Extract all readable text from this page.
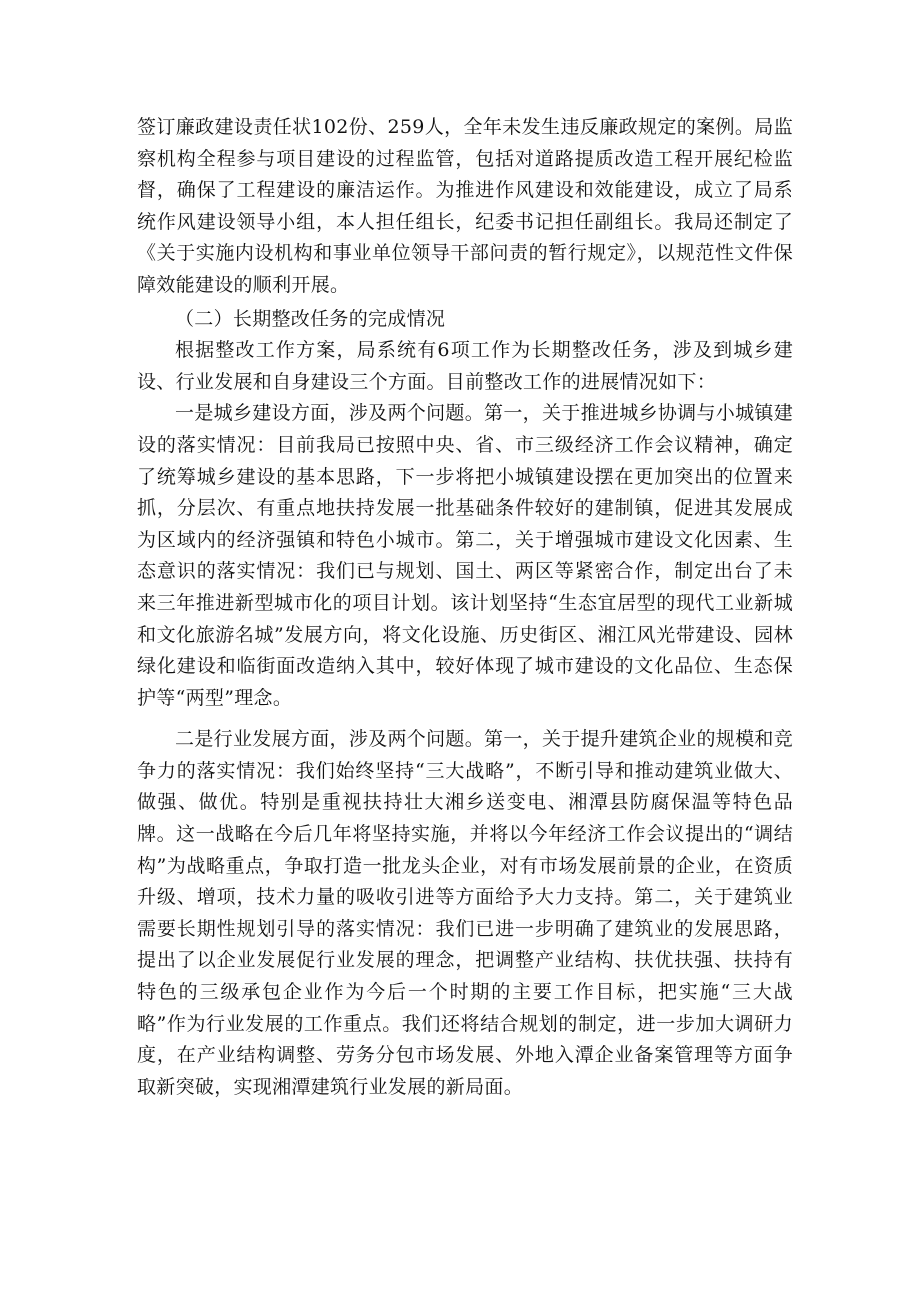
签订廉政建设责任状102份、259人，全年未发生违反廉政规定的案例。局监察机构全程参与项目建设的过程监管，包括对道路提质改造工程开展纪检监督，确保了工程建设的廉洁运作。为推进作风建设和效能建设，成立了局系统作风建设领导小组，本人担任组长，纪委书记担任副组长。我局还制定了《关于实施内设机构和事业单位领导干部问责的暂行规定》，以规范性文件保障效能建设的顺利开展。

（二）长期整改任务的完成情况

根据整改工作方案，局系统有6项工作为长期整改任务，涉及到城乡建设、行业发展和自身建设三个方面。目前整改工作的进展情况如下：

一是城乡建设方面，涉及两个问题。第一，关于推进城乡协调与小城镇建设的落实情况：目前我局已按照中央、省、市三级经济工作会议精神，确定了统筹城乡建设的基本思路，下一步将把小城镇建设摆在更加突出的位置来抓，分层次、有重点地扶持发展一批基础条件较好的建制镇，促进其发展成为区域内的经济强镇和特色小城市。第二，关于增强城市建设文化因素、生态意识的落实情况：我们已与规划、国土、两区等紧密合作，制定出台了未来三年推进新型城市化的项目计划。该计划坚持“生态宜居型的现代工业新城和文化旅游名城”发展方向，将文化设施、历史街区、湘江风光带建设、园林绿化建设和临街面改造纳入其中，较好体现了城市建设的文化品位、生态保护等“两型”理念。

二是行业发展方面，涉及两个问题。第一，关于提升建筑企业的规模和竞争力的落实情况：我们始终坚持“三大战略”，不断引导和推动建筑业做大、做强、做优。特别是重视扶持壮大湘乡送变电、湘潭县防腐保温等特色品牌。这一战略在今后几年将坚持实施，并将以今年经济工作会议提出的“调结构”为战略重点，争取打造一批龙头企业，对有市场发展前景的企业，在资质升级、增项，技术力量的吸收引进等方面给予大力支持。第二，关于建筑业需要长期性规划引导的落实情况：我们已进一步明确了建筑业的发展思路，提出了以企业发展促行业发展的理念，把调整产业结构、扶优扶强、扶持有特色的三级承包企业作为今后一个时期的主要工作目标，把实施“三大战略”作为行业发展的工作重点。我们还将结合规划的制定，进一步加大调研力度，在产业结构调整、劳务分包市场发展、外地入潭企业备案管理等方面争取新突破，实现湘潭建筑行业发展的新局面。
